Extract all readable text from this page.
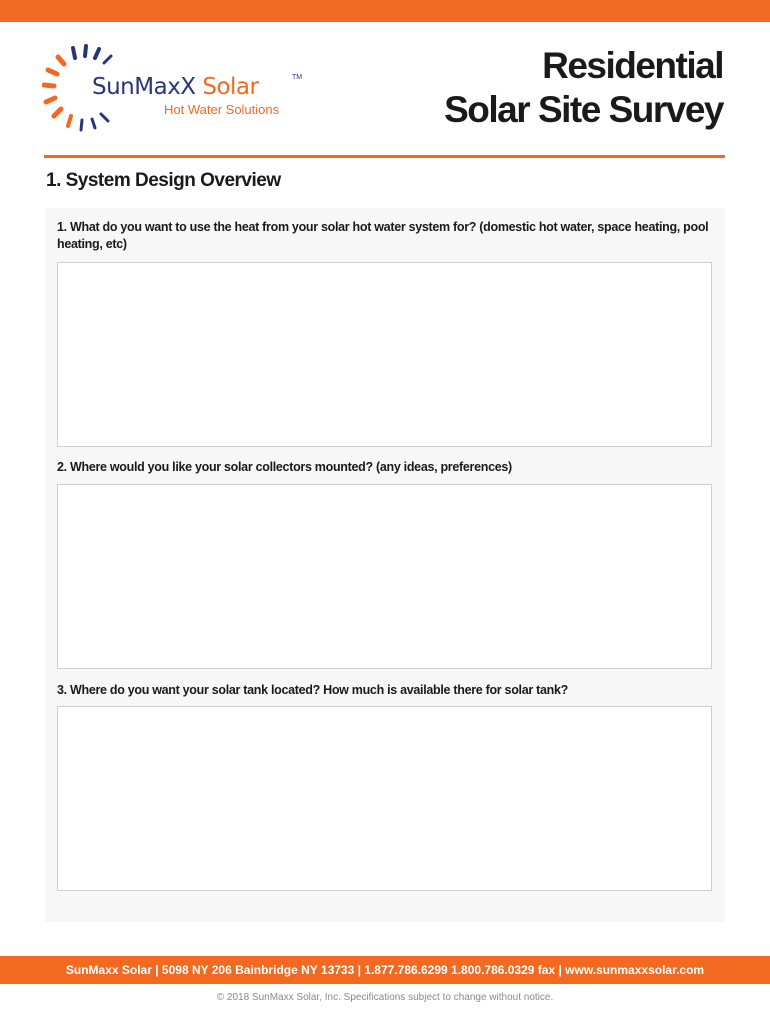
SunMaxX Solar	TM
Hot Water Solutions
Residential
Solar Site Survey
1. System Design Overview
1. What do you want to use the heat from your solar hot water system for? (domestic hot water, space heating, pool heating, etc)
2. Where would you like your solar collectors mounted? (any ideas, preferences)
3. Where do you want your solar tank located? How much is available there for solar tank?
SunMaxx Solar | 5098 NY 206 Bainbridge NY 13733 | 1.877.786.6299 1.800.786.0329 fax | www.sunmaxxsolar.com
© 2018 SunMaxx Solar, Inc. Specifications subject to change without notice.
